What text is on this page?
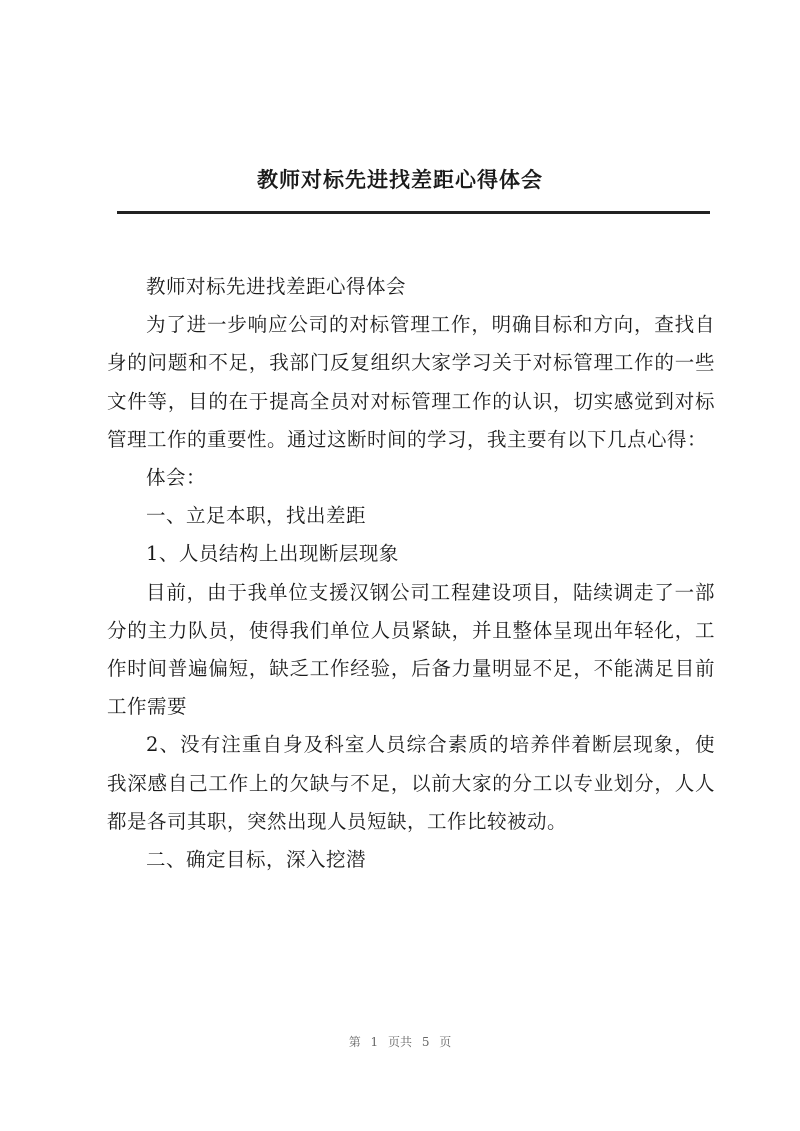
教师对标先进找差距心得体会

教师对标先进找差距心得体会

为了进一步响应公司的对标管理工作，明确目标和方向，查找自身的问题和不足，我部门反复组织大家学习关于对标管理工作的一些文件等，目的在于提高全员对对标管理工作的认识，切实感觉到对标管理工作的重要性。通过这断时间的学习，我主要有以下几点心得：

体会：

一、立足本职，找出差距

1、人员结构上出现断层现象

目前，由于我单位支援汉钢公司工程建设项目，陆续调走了一部分的主力队员，使得我们单位人员紧缺，并且整体呈现出年轻化，工作时间普遍偏短，缺乏工作经验，后备力量明显不足，不能满足目前工作需要

2、没有注重自身及科室人员综合素质的培养伴着断层现象，使我深感自己工作上的欠缺与不足，以前大家的分工以专业划分，人人都是各司其职，突然出现人员短缺，工作比较被动。

二、确定目标，深入挖潜

第 1 页共 5 页
